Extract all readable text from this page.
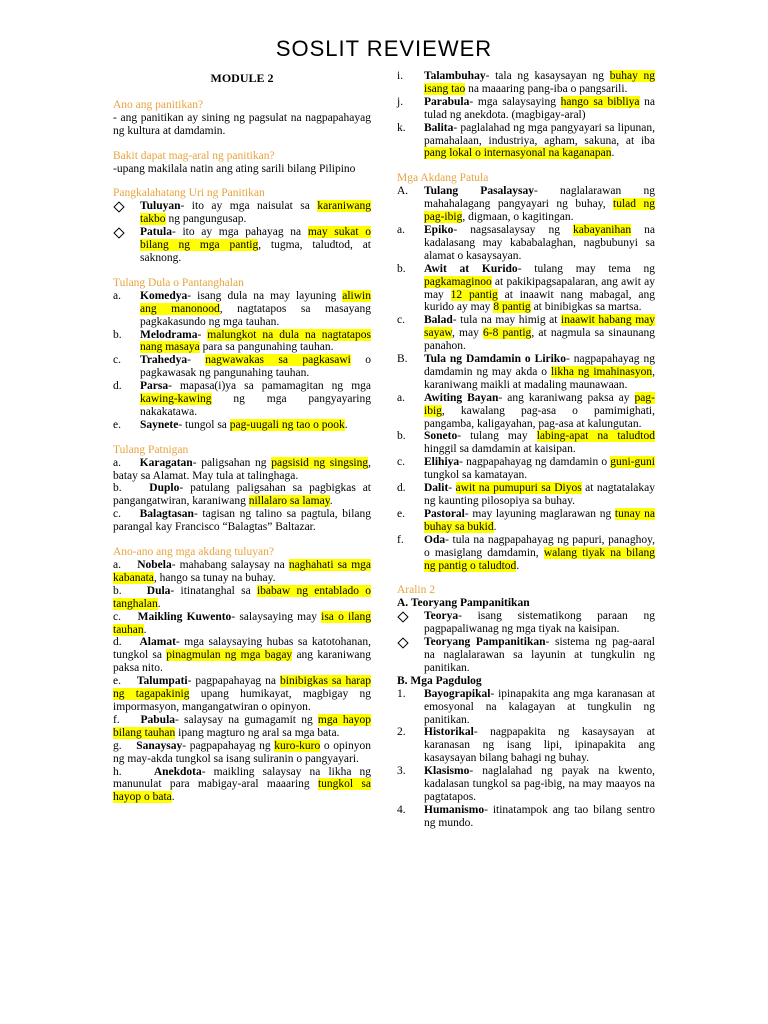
SOSLIT REVIEWER
MODULE 2
Ano ang panitikan?

- ang panitikan ay sining ng pagsulat na nagpapahayag ng kultura at damdamin.

Bakit dapat mag-aral ng panitikan?

-upang makilala natin ang ating sarili bilang Pilipino

Pangkalahatang Uri ng Panitikan
Tuluyan- ito ay mga naisulat sa karaniwang takbo ng pangungusap.
Patula- ito ay mga pahayag na may sukat o bilang ng mga pantig, tugma, taludtod, at saknong.
Tulang Dula o Pantanghalan
a. Komedya- isang dula na may layuning aliwin ang manonood, nagtatapos sa masayang pagkakasundo ng mga tauhan.
b. Melodrama- malungkot na dula na nagtatapos nang masaya para sa pangunahing tauhan.
c. Trahedya- nagwawakas sa pagkasawi o pagkawasak ng pangunahing tauhan.
d. Parsa- mapasa(i)ya sa pamamagitan ng mga kawing-kawing ng mga pangyayaring nakakatawa.
e. Saynete- tungol sa pag-uugali ng tao o pook.
Tulang Patnigan

a. Karagatan- paligsahan ng pagsisid ng singsing, batay sa Alamat. May tula at talinghaga.

b. Duplo- patulang paligsahan sa pagbigkas at pangangatwiran, karaniwang nillalaro sa lamay.

c. Balagtasan- tagisan ng talino sa pagtula, bilang parangal kay Francisco “Balagtas” Baltazar.

Ano-ano ang mga akdang tuluyan?

a. Nobela- mahabang salaysay na naghahati sa mga kabanata, hango sa tunay na buhay.

b. Dula- itinatanghal sa ibabaw ng entablado o tanghalan.

c. Maikling Kuwento- salaysaying may isa o ilang tauhan.

d. Alamat- mga salaysaying hubas sa katotohanan, tungkol sa pinagmulan ng mga bagay ang karaniwang paksa nito.

e. Talumpati- pagpapahayag na binibigkas sa harap ng tagapakinig upang humikayat, magbigay ng impormasyon, mangangatwiran o opinyon.

f. Pabula- salaysay na gumagamit ng mga hayop bilang tauhan ipang magturo ng aral sa mga bata.

g. Sanaysay- pagpapahayag ng kuro-kuro o opinyon ng may-akda tungkol sa isang suliranin o pangyayari.

h.	Anekdota- maikling salaysay na likha ng manunulat para mabigay-aral maaaring tungkol sa hayop o bata.

i. Talambuhay- tala ng kasaysayan ng buhay ng isang tao na maaaring pang-iba o pangsarili.
j. Parabula- mga salaysaying hango sa bibliya na tulad ng anekdota. (magbigay-aral)
k. Balita- paglalahad ng mga pangyayari sa lipunan, pamahalaan, industriya, agham, sakuna, at iba pang lokal o internasyonal na kaganapan.
Mga Akdang Patula
A. Tulang Pasalaysay- naglalarawan ng mahahalagang pangyayari ng buhay, tulad ng pag-ibig, digmaan, o kagitingan.
a. Epiko- nagsasalaysay ng kabayanihan na kadalasang may kababalaghan, nagbubunyi sa alamat o kasaysayan.
b. Awit at Kurido- tulang may tema ng pagkamaginoo at pakikipagsapalaran, ang awit ay may 12 pantig at inaawit nang mabagal, ang kurido ay may 8 pantig at binibigkas sa martsa.
c. Balad- tula na may himig at inaawit habang may sayaw, may 6-8 pantig, at nagmula sa sinaunang panahon.
B. Tula ng Damdamin o Liriko- nagpapahayag ng damdamin ng may akda o likha ng imahinasyon, karaniwang maikli at madaling maunawaan.
a. Awiting Bayan- ang karaniwang paksa ay pag-ibig, kawalang pag-asa o pamimighati, pangamba, kaligayahan, pag-asa at kalungutan.
b. Soneto- tulang may labing-apat na taludtod hinggil sa damdamin at kaisipan.
c. Elihiya- nagpapahayag ng damdamin o guni-guni tungkol sa kamatayan.
d. Dalit- awit na pumupuri sa Diyos at nagtatalakay ng kaunting pilosopiya sa buhay.
e. Pastoral- may layuning maglarawan ng tunay na buhay sa bukid.
f. Oda- tula na nagpapahayag ng papuri, panaghoy, o masiglang damdamin, walang tiyak na bilang ng pantig o taludtod.
Aralin 2
A. Teoryang Pampanitikan
Teorya- isang sistematikong paraan ng pagpapaliwanag ng mga tiyak na kaisipan.
Teoryang Pampanitikan- sistema ng pag-aaral na naglalarawan sa layunin at tungkulin ng panitikan.
B. Mga Pagdulog
1. Bayograpikal- ipinapakita ang mga karanasan at emosyonal na kalagayan at tungkulin ng panitikan.
2. Historikal- nagpapakita ng kasaysayan at karanasan ng isang lipi, ipinapakita ang kasaysayan bilang bahagi ng buhay.
3. Klasismo- naglalahad ng payak na kwento, kadalasan tungkol sa pag-ibig, na may maayos na pagtatapos.
4. Humanismo- itinatampok ang tao bilang sentro ng mundo.
